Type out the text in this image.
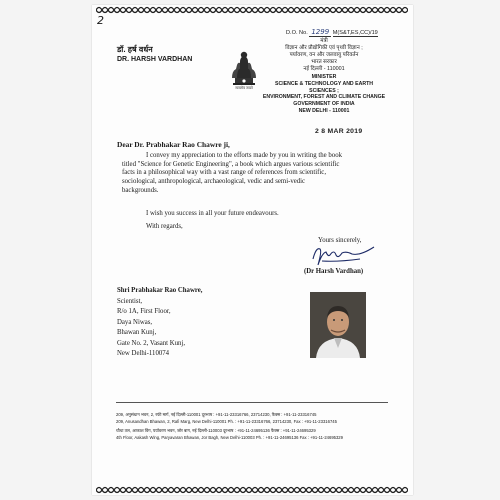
2
D.O. No. 1299 M(S&T,ES,CC)/19
डॉ. हर्ष वर्धन
DR. HARSH VARDHAN
सत्यमेव जयते
मंत्री
विज्ञान और प्रौद्योगिकी एवं पृथ्वी विज्ञान ;
पर्यावरण, वन और जलवायु परिवर्तन
भारत सरकार
नई दिल्ली - 110001
MINISTER
SCIENCE & TECHNOLOGY AND EARTH SCIENCES ;
ENVIRONMENT, FOREST AND CLIMATE CHANGE
GOVERNMENT OF INDIA
NEW DELHI - 110001
2 8 MAR 2019
Dear Dr. Prabhakar Rao Chawre ji,
I convey my appreciation to the efforts made by you in writing the book
titled "Science for Genetic Engineering", a book which argues various scientific
facts in a philosophical way with a vast range of references from scientific,
sociological, anthropological, archaeological, vedic and semi-vedic
backgrounds.
I wish you success in all your future endeavours.
With regards,
Yours sincerely,
(Dr Harsh Vardhan)
Shri Prabhakar Rao Chawre,
Scientist,
R/o 1A, First Floor,
Daya Niwas,
Bhawan Kunj,
Gate No. 2, Vasant Kunj,
New Delhi-110074
209, अनुसंधान भवन, 2, रफी मार्ग, नई दिल्ली-110001 दूरभाष : +91-11-23316766, 23714230, फैक्स : +91-11-23316745
209, Anusandhan Bhawan, 2, Rafi Marg, New Delhi-110001 Ph. : +91-11-23316766, 23714230, Fax : +91-11-23316745
चौथा तल, आकाश विंग, पर्यावरण भवन, जोर बाग, नई दिल्ली-110003 दूरभाष : +91-11-24695136 फैक्स : +91-11-24695329
4th Floor, Aakash Wing, Paryavaran Bhawan, Jor Bagh, New Delhi-110003 Ph. : +91-11-24695136 Fax : +91-11-24695329
